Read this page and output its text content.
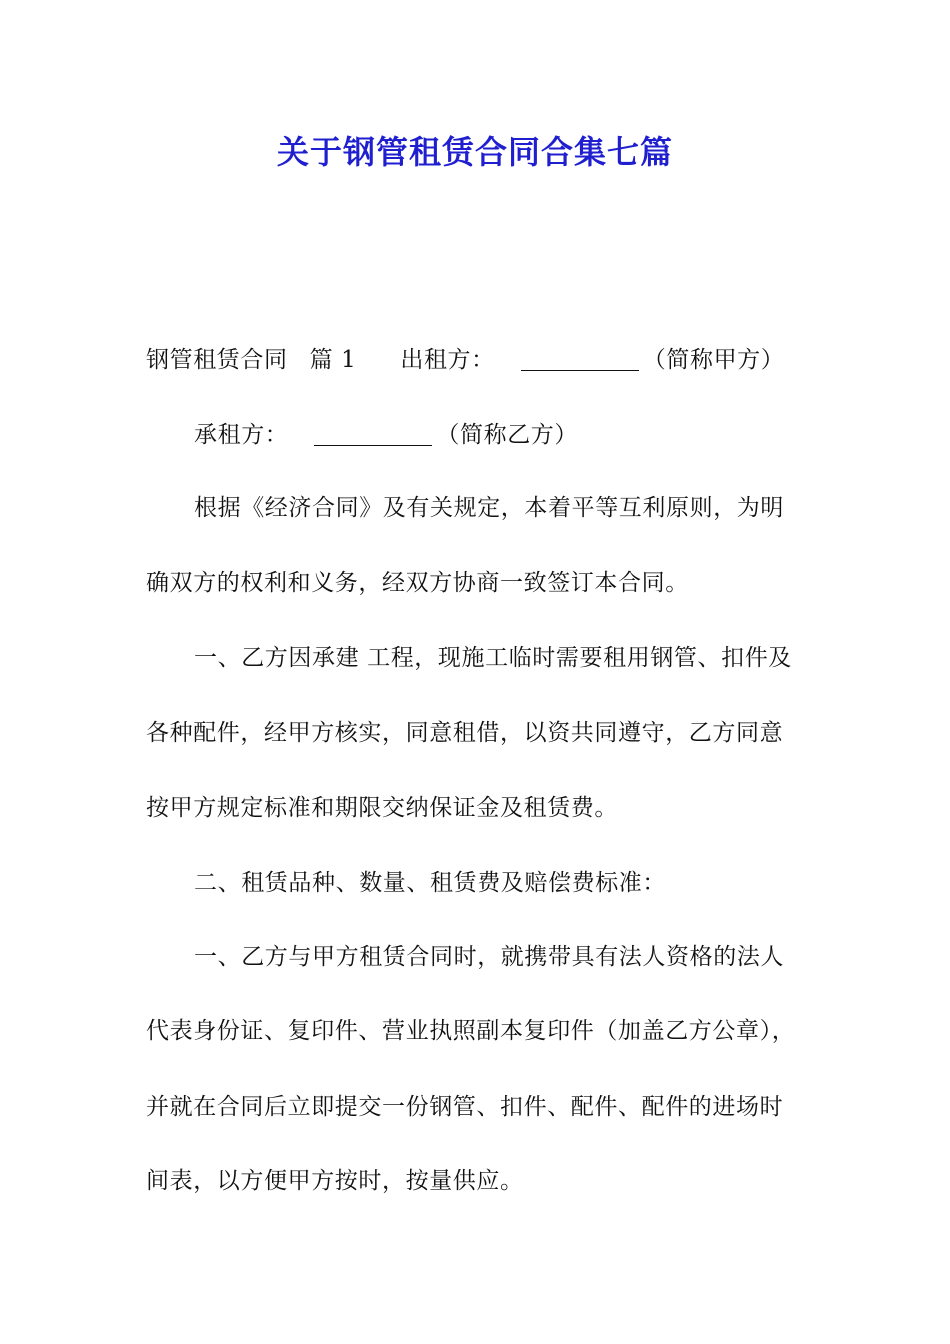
关于钢管租赁合同合集七篇
钢管租赁合同 篇 1 出租方：	（简称甲方）
承租方：	（简称乙方）
根据《经济合同》及有关规定，本着平等互利原则，为明
确双方的权利和义务，经双方协商一致签订本合同。
一、乙方因承建 工程，现施工临时需要租用钢管、扣件及
各种配件，经甲方核实，同意租借，以资共同遵守，乙方同意
按甲方规定标准和期限交纳保证金及租赁费。
二、租赁品种、数量、租赁费及赔偿费标准：
一、乙方与甲方租赁合同时，就携带具有法人资格的法人
代表身份证、复印件、营业执照副本复印件（加盖乙方公章），
并就在合同后立即提交一份钢管、扣件、配件、配件的进场时
间表，以方便甲方按时，按量供应。
